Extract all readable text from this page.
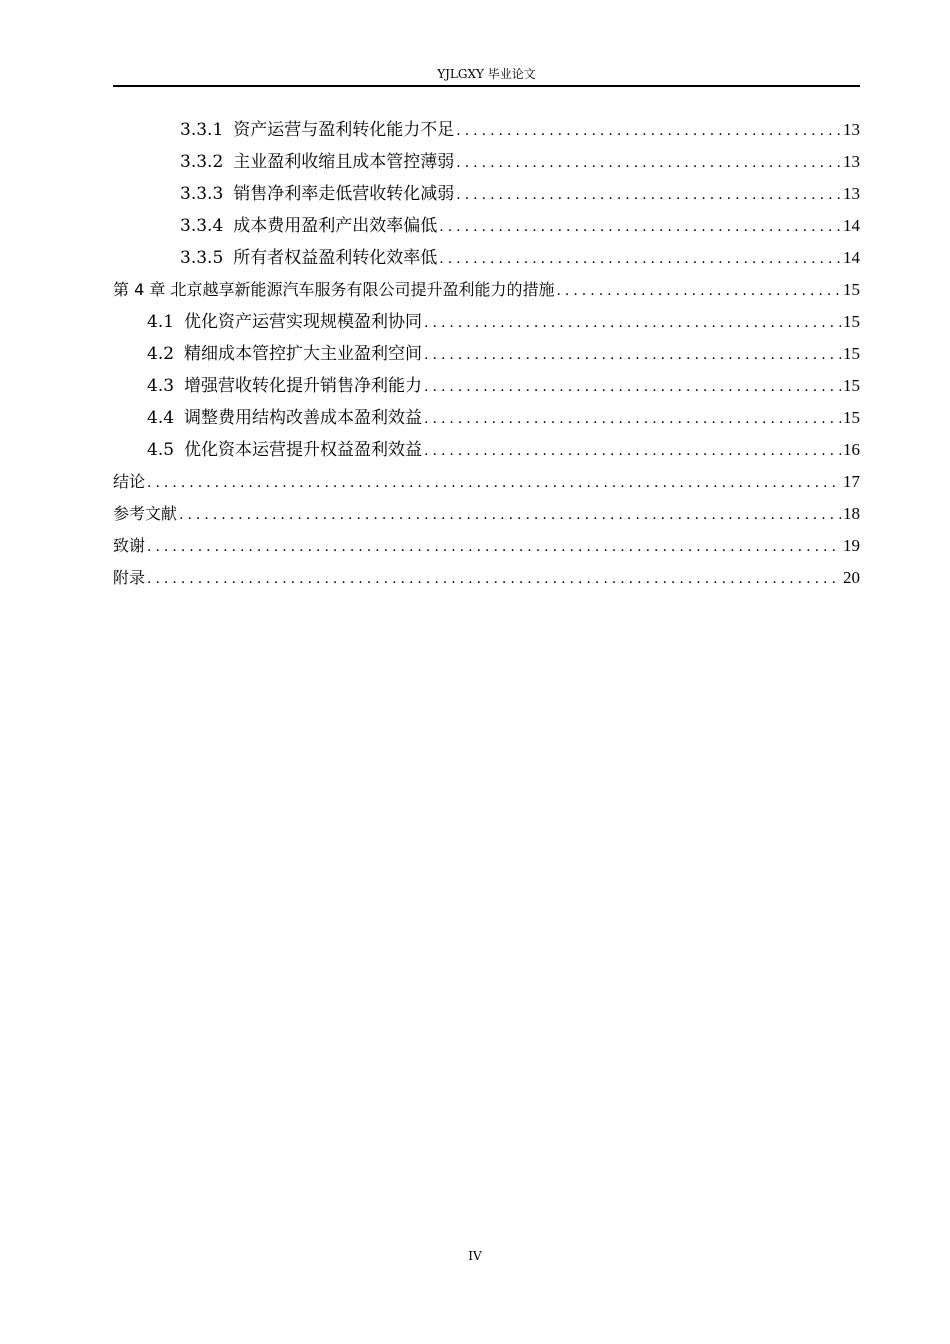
YJLGXY 毕业论文
3.3.1 资产运营与盈利转化能力不足 .....	13
3.3.2 主业盈利收缩且成本管控薄弱 .....	13
3.3.3 销售净利率走低营收转化减弱 .....	13
3.3.4 成本费用盈利产出效率偏低 .....	14
3.3.5 所有者权益盈利转化效率低 .....	14
第 4 章 北京越享新能源汽车服务有限公司提升盈利能力的措施 .....	15
4.1 优化资产运营实现规模盈利协同 .....	15
4.2 精细成本管控扩大主业盈利空间 .....	15
4.3 增强营收转化提升销售净利能力 .....	15
4.4 调整费用结构改善成本盈利效益 .....	15
4.5 优化资本运营提升权益盈利效益 .....	16
结论 .....	17
参考文献 .....	18
致谢 .....	19
附录 .....	20
IV
